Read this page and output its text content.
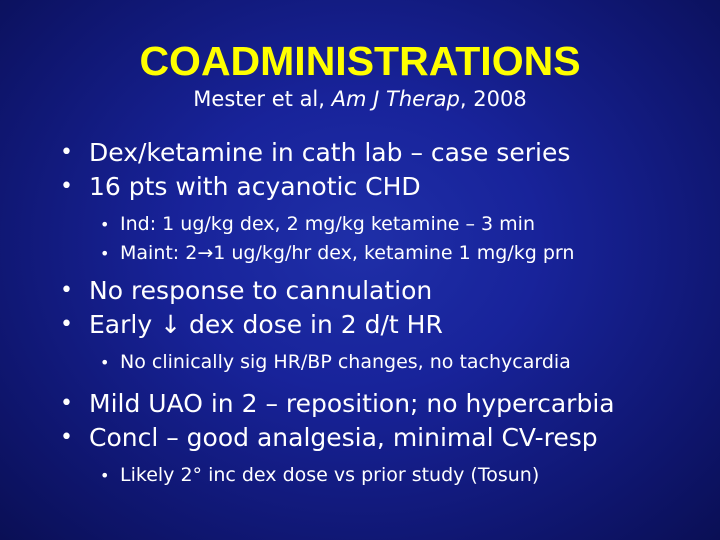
COADMINISTRATIONS
Mester et al, Am J Therap, 2008
• Dex/ketamine in cath lab – case series
• 16 pts with acyanotic CHD
• Ind: 1 ug/kg dex, 2 mg/kg ketamine – 3 min
• Maint: 2→1 ug/kg/hr dex, ketamine 1 mg/kg prn
• No response to cannulation
• Early ↓ dex dose in 2 d/t HR
• No clinically sig HR/BP changes, no tachycardia
• Mild UAO in 2 – reposition; no hypercarbia
• Concl – good analgesia, minimal CV-resp
• Likely 2° inc dex dose vs prior study (Tosun)
